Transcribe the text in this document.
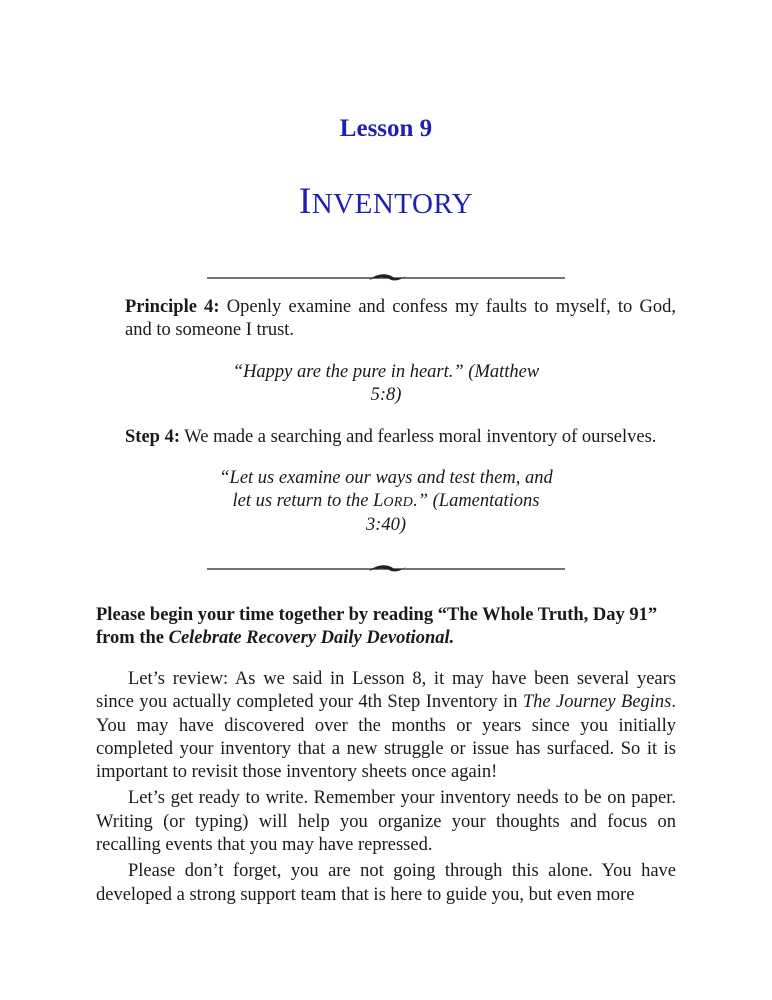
Lesson 9
INVENTORY

Principle 4: Openly examine and confess my faults to myself, to God, and to someone I trust.

“Happy are the pure in heart.” (Matthew
5:8)

Step 4: We made a searching and fearless moral inventory of ourselves.

“Let us examine our ways and test them, and
let us return to the LORD.” (Lamentations
3:40)

Please begin your time together by reading “The Whole Truth, Day 91” from the Celebrate Recovery Daily Devotional.

Let’s review: As we said in Lesson 8, it may have been several years since you actually completed your 4th Step Inventory in The Journey Begins. You may have discovered over the months or years since you initially completed your inventory that a new struggle or issue has surfaced. So it is important to revisit those inventory sheets once again!

Let’s get ready to write. Remember your inventory needs to be on paper. Writing (or typing) will help you organize your thoughts and focus on recalling events that you may have repressed.

Please don’t forget, you are not going through this alone. You have developed a strong support team that is here to guide you, but even more
